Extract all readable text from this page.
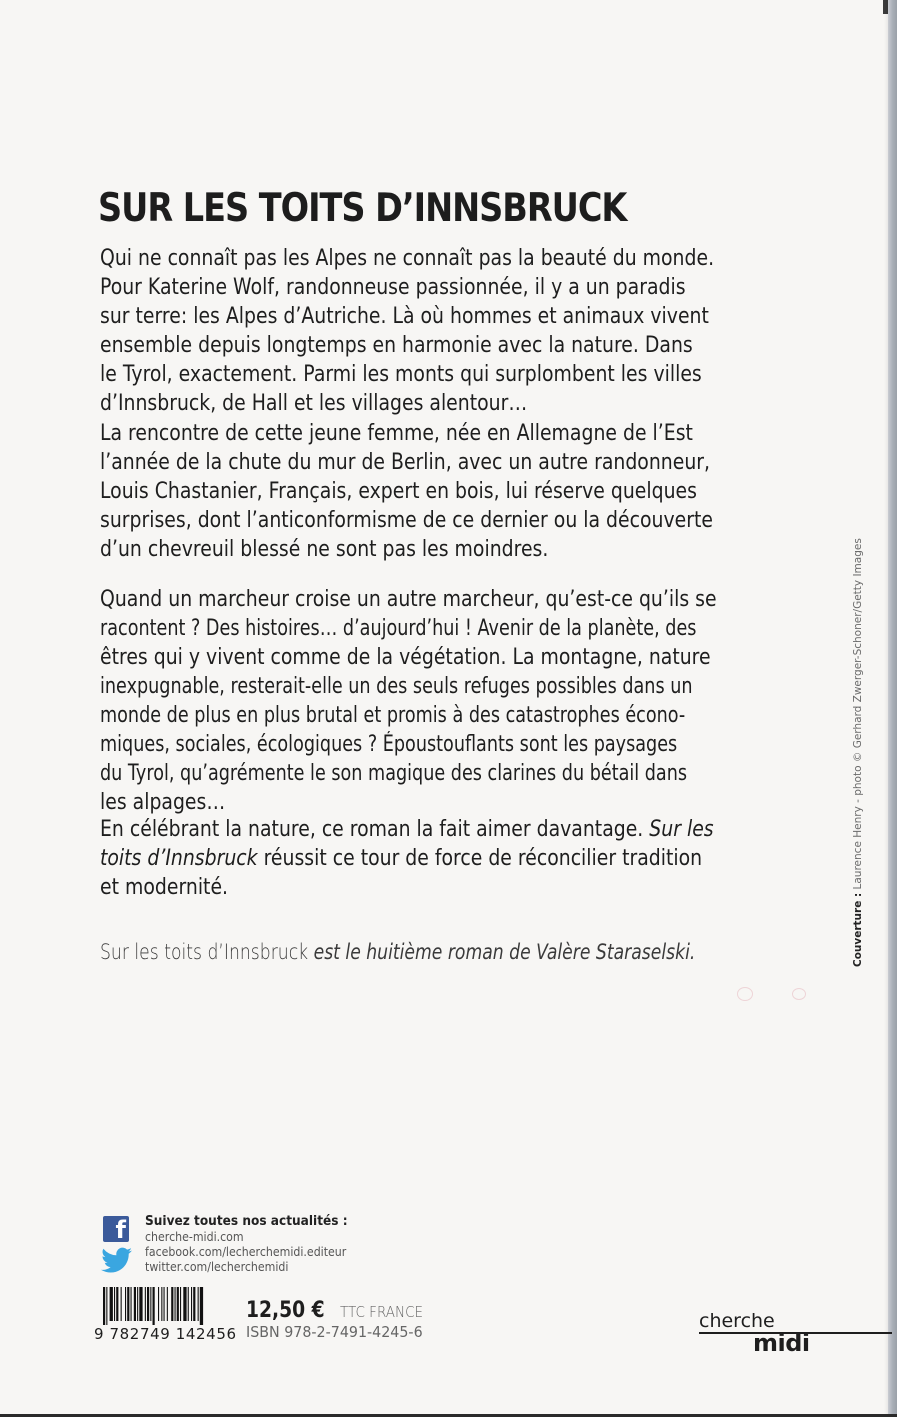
SUR LES TOITS D’INNSBRUCK
Qui ne connaît pas les Alpes ne connaît pas la beauté du monde.
Pour Katerine Wolf, randonneuse passionnée, il y a un paradis
sur terre: les Alpes d’Autriche. Là où hommes et animaux vivent
ensemble depuis longtemps en harmonie avec la nature. Dans
le Tyrol, exactement. Parmi les monts qui surplombent les villes
d’Innsbruck, de Hall et les villages alentour…
La rencontre de cette jeune femme, née en Allemagne de l’Est
l’année de la chute du mur de Berlin, avec un autre randonneur,
Louis Chastanier, Français, expert en bois, lui réserve quelques
surprises, dont l’anticonformisme de ce dernier ou la découverte
d’un chevreuil blessé ne sont pas les moindres.
Quand un marcheur croise un autre marcheur, qu’est-ce qu’ils se
racontent ? Des histoires… d’aujourd’hui ! Avenir de la planète, des
êtres qui y vivent comme de la végétation. La montagne, nature
inexpugnable, resterait-elle un des seuls refuges possibles dans un
monde de plus en plus brutal et promis à des catastrophes écono-
miques, sociales, écologiques ? Époustouflants sont les paysages
du Tyrol, qu’agrémente le son magique des clarines du bétail dans
les alpages…
En célébrant la nature, ce roman la fait aimer davantage. Sur les
toits d’Innsbruck réussit ce tour de force de réconcilier tradition
et modernité.
Sur les toits d’Innsbruck est le huitième roman de Valère Staraselski.	Couverture : Laurence Henry - photo © Gerhard Zwerger-Schoner/Getty Images
f Suivez toutes nos actualités :
cherche-midi.com
facebook.com/lecherchemidi.editeur
twitter.com/lecherchemidi
9 782749 142456
12,50 € TTC FRANCE
ISBN 978-2-7491-4245-6	cherche
midi
